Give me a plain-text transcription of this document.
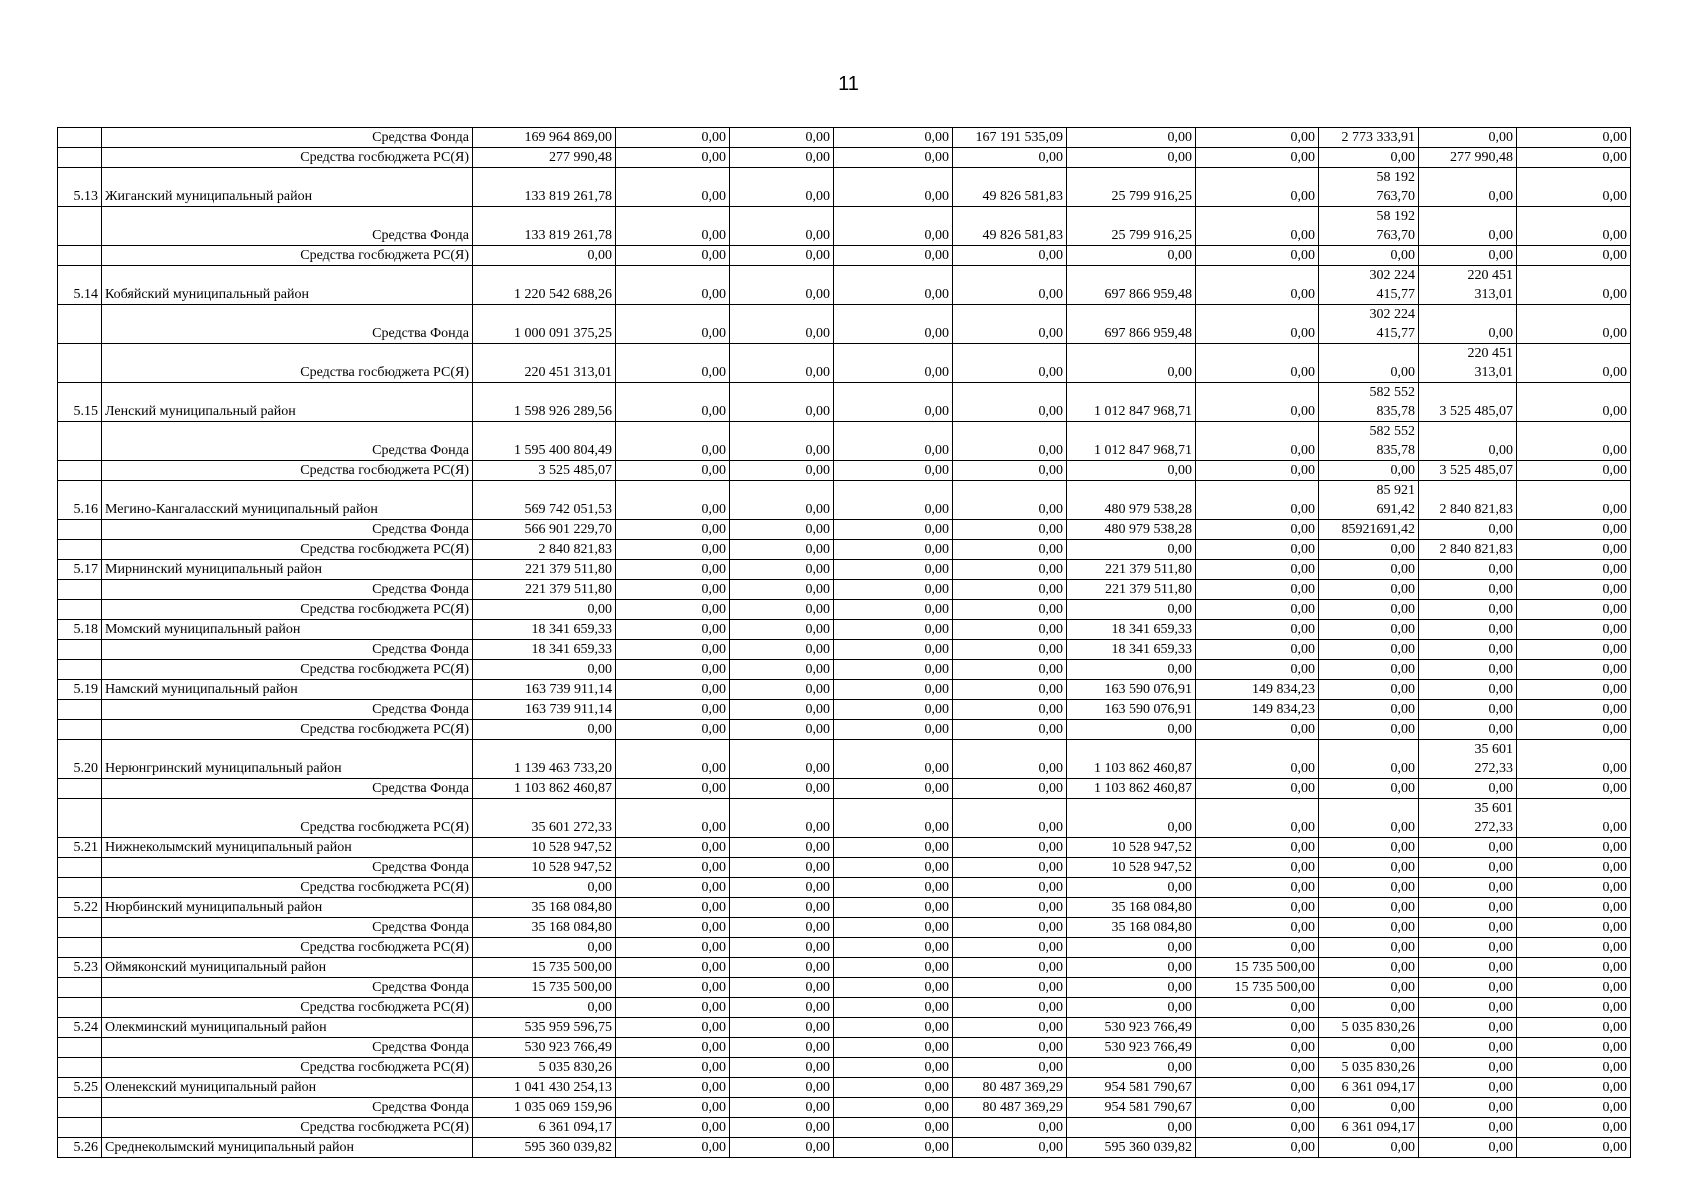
11
	Средства Фонда	169 964 869,00	0,00	0,00	0,00	167 191 535,09	0,00	0,00	2 773 333,91	0,00	0,00
	Средства госбюджета РС(Я)	277 990,48	0,00	0,00	0,00	0,00	0,00	0,00	0,00	277 990,48	0,00
5.13	Жиганский муниципальный район	133 819 261,78	0,00	0,00	0,00	49 826 581,83	25 799 916,25	0,00	58 192
763,70	0,00	0,00
	Средства Фонда	133 819 261,78	0,00	0,00	0,00	49 826 581,83	25 799 916,25	0,00	58 192
763,70	0,00	0,00
	Средства госбюджета РС(Я)	0,00	0,00	0,00	0,00	0,00	0,00	0,00	0,00	0,00	0,00
5.14	Кобяйский муниципальный район	1 220 542 688,26	0,00	0,00	0,00	0,00	697 866 959,48	0,00	302 224
415,77	220 451
313,01	0,00
	Средства Фонда	1 000 091 375,25	0,00	0,00	0,00	0,00	697 866 959,48	0,00	302 224
415,77	0,00	0,00
	Средства госбюджета РС(Я)	220 451 313,01	0,00	0,00	0,00	0,00	0,00	0,00	0,00	220 451
313,01	0,00
5.15	Ленский муниципальный район	1 598 926 289,56	0,00	0,00	0,00	0,00	1 012 847 968,71	0,00	582 552
835,78	3 525 485,07	0,00
	Средства Фонда	1 595 400 804,49	0,00	0,00	0,00	0,00	1 012 847 968,71	0,00	582 552
835,78	0,00	0,00
	Средства госбюджета РС(Я)	3 525 485,07	0,00	0,00	0,00	0,00	0,00	0,00	0,00	3 525 485,07	0,00
5.16	Мегино-Кангаласский муниципальный район	569 742 051,53	0,00	0,00	0,00	0,00	480 979 538,28	0,00	85 921
691,42	2 840 821,83	0,00
	Средства Фонда	566 901 229,70	0,00	0,00	0,00	0,00	480 979 538,28	0,00	85921691,42	0,00	0,00
	Средства госбюджета РС(Я)	2 840 821,83	0,00	0,00	0,00	0,00	0,00	0,00	0,00	2 840 821,83	0,00
5.17	Мирнинский муниципальный район	221 379 511,80	0,00	0,00	0,00	0,00	221 379 511,80	0,00	0,00	0,00	0,00
	Средства Фонда	221 379 511,80	0,00	0,00	0,00	0,00	221 379 511,80	0,00	0,00	0,00	0,00
	Средства госбюджета РС(Я)	0,00	0,00	0,00	0,00	0,00	0,00	0,00	0,00	0,00	0,00
5.18	Момский муниципальный район	18 341 659,33	0,00	0,00	0,00	0,00	18 341 659,33	0,00	0,00	0,00	0,00
	Средства Фонда	18 341 659,33	0,00	0,00	0,00	0,00	18 341 659,33	0,00	0,00	0,00	0,00
	Средства госбюджета РС(Я)	0,00	0,00	0,00	0,00	0,00	0,00	0,00	0,00	0,00	0,00
5.19	Намский муниципальный район	163 739 911,14	0,00	0,00	0,00	0,00	163 590 076,91	149 834,23	0,00	0,00	0,00
	Средства Фонда	163 739 911,14	0,00	0,00	0,00	0,00	163 590 076,91	149 834,23	0,00	0,00	0,00
	Средства госбюджета РС(Я)	0,00	0,00	0,00	0,00	0,00	0,00	0,00	0,00	0,00	0,00
5.20	Нерюнгринский муниципальный район	1 139 463 733,20	0,00	0,00	0,00	0,00	1 103 862 460,87	0,00	0,00	35 601
272,33	0,00
	Средства Фонда	1 103 862 460,87	0,00	0,00	0,00	0,00	1 103 862 460,87	0,00	0,00	0,00	0,00
	Средства госбюджета РС(Я)	35 601 272,33	0,00	0,00	0,00	0,00	0,00	0,00	0,00	35 601
272,33	0,00
5.21	Нижнеколымский муниципальный район	10 528 947,52	0,00	0,00	0,00	0,00	10 528 947,52	0,00	0,00	0,00	0,00
	Средства Фонда	10 528 947,52	0,00	0,00	0,00	0,00	10 528 947,52	0,00	0,00	0,00	0,00
	Средства госбюджета РС(Я)	0,00	0,00	0,00	0,00	0,00	0,00	0,00	0,00	0,00	0,00
5.22	Нюрбинский муниципальный район	35 168 084,80	0,00	0,00	0,00	0,00	35 168 084,80	0,00	0,00	0,00	0,00
	Средства Фонда	35 168 084,80	0,00	0,00	0,00	0,00	35 168 084,80	0,00	0,00	0,00	0,00
	Средства госбюджета РС(Я)	0,00	0,00	0,00	0,00	0,00	0,00	0,00	0,00	0,00	0,00
5.23	Оймяконский муниципальный район	15 735 500,00	0,00	0,00	0,00	0,00	0,00	15 735 500,00	0,00	0,00	0,00
	Средства Фонда	15 735 500,00	0,00	0,00	0,00	0,00	0,00	15 735 500,00	0,00	0,00	0,00
	Средства госбюджета РС(Я)	0,00	0,00	0,00	0,00	0,00	0,00	0,00	0,00	0,00	0,00
5.24	Олекминский муниципальный район	535 959 596,75	0,00	0,00	0,00	0,00	530 923 766,49	0,00	5 035 830,26	0,00	0,00
	Средства Фонда	530 923 766,49	0,00	0,00	0,00	0,00	530 923 766,49	0,00	0,00	0,00	0,00
	Средства госбюджета РС(Я)	5 035 830,26	0,00	0,00	0,00	0,00	0,00	0,00	5 035 830,26	0,00	0,00
5.25	Оленекский муниципальный район	1 041 430 254,13	0,00	0,00	0,00	80 487 369,29	954 581 790,67	0,00	6 361 094,17	0,00	0,00
	Средства Фонда	1 035 069 159,96	0,00	0,00	0,00	80 487 369,29	954 581 790,67	0,00	0,00	0,00	0,00
	Средства госбюджета РС(Я)	6 361 094,17	0,00	0,00	0,00	0,00	0,00	0,00	6 361 094,17	0,00	0,00
5.26	Среднеколымский муниципальный район	595 360 039,82	0,00	0,00	0,00	0,00	595 360 039,82	0,00	0,00	0,00	0,00
